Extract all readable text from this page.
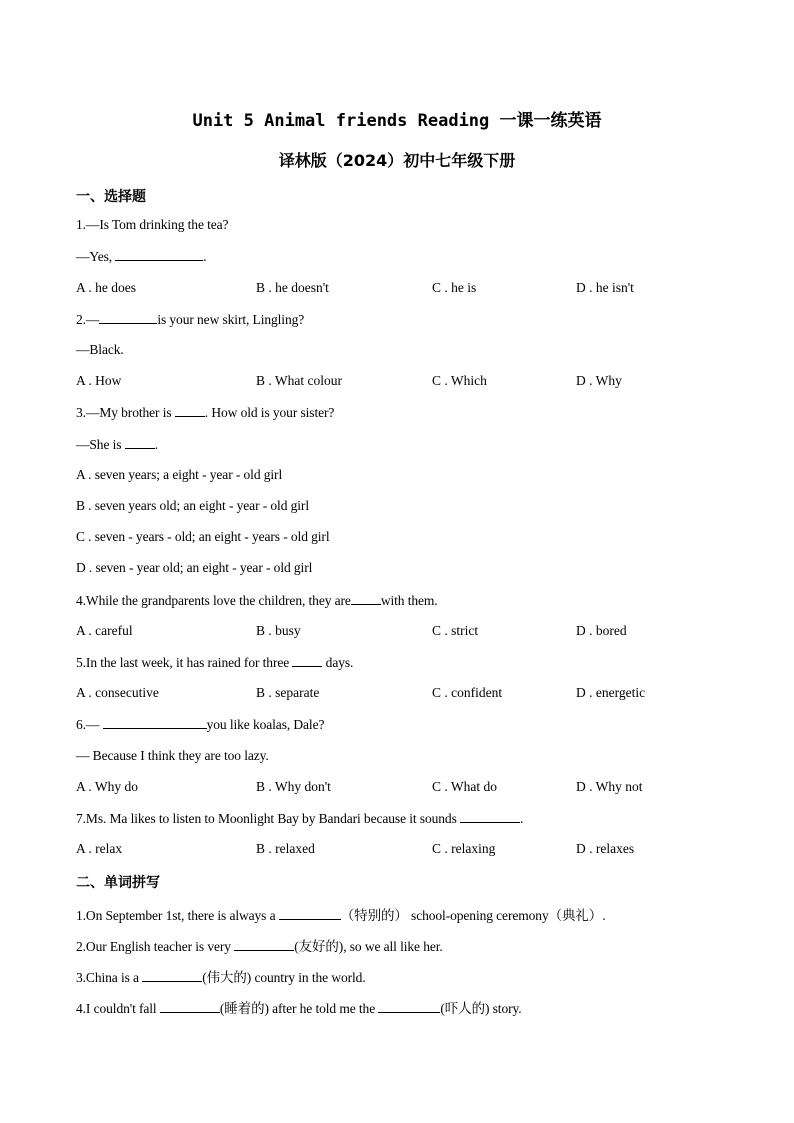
Unit 5 Animal friends Reading 一课一练英语
译林版（2024）初中七年级下册
一、选择题
1.—Is Tom drinking the tea?
—Yes,	.
A . he does	B . he doesn't	C . he is	D . he isn't
2.—	is your new skirt, Lingling?
—Black.
A . How	B . What colour	C . Which	D . Why
3.—My brother is . How old is your sister?
—She is .
A . seven years; a eight - year - old girl
B . seven years old; an eight - year - old girl
C . seven - years - old; an eight - years - old girl
D . seven - year old; an eight - year - old girl
4.While the grandparents love the children, they are with them.
A . careful	B . busy	C . strict	D . bored
5.In the last week, it has rained for three  days.
A . consecutive	B . separate	C . confident	D . energetic
6.—	you like koalas, Dale?
— Because I think they are too lazy.
A . Why do	B . Why don't	C . What do	D . Why not
7.Ms. Ma likes to listen to Moonlight Bay by Bandari because it sounds	.
A . relax	B . relaxed	C . relaxing	D . relaxes
二、单词拼写
1.On September 1st, there is always a	（特别的） school-opening ceremony（典礼）.
2.Our English teacher is very	(友好的), so we all like her.
3.China is a	(伟大的) country in the world.
4.I couldn't fall	(睡着的) after he told me the	(吓人的) story.
